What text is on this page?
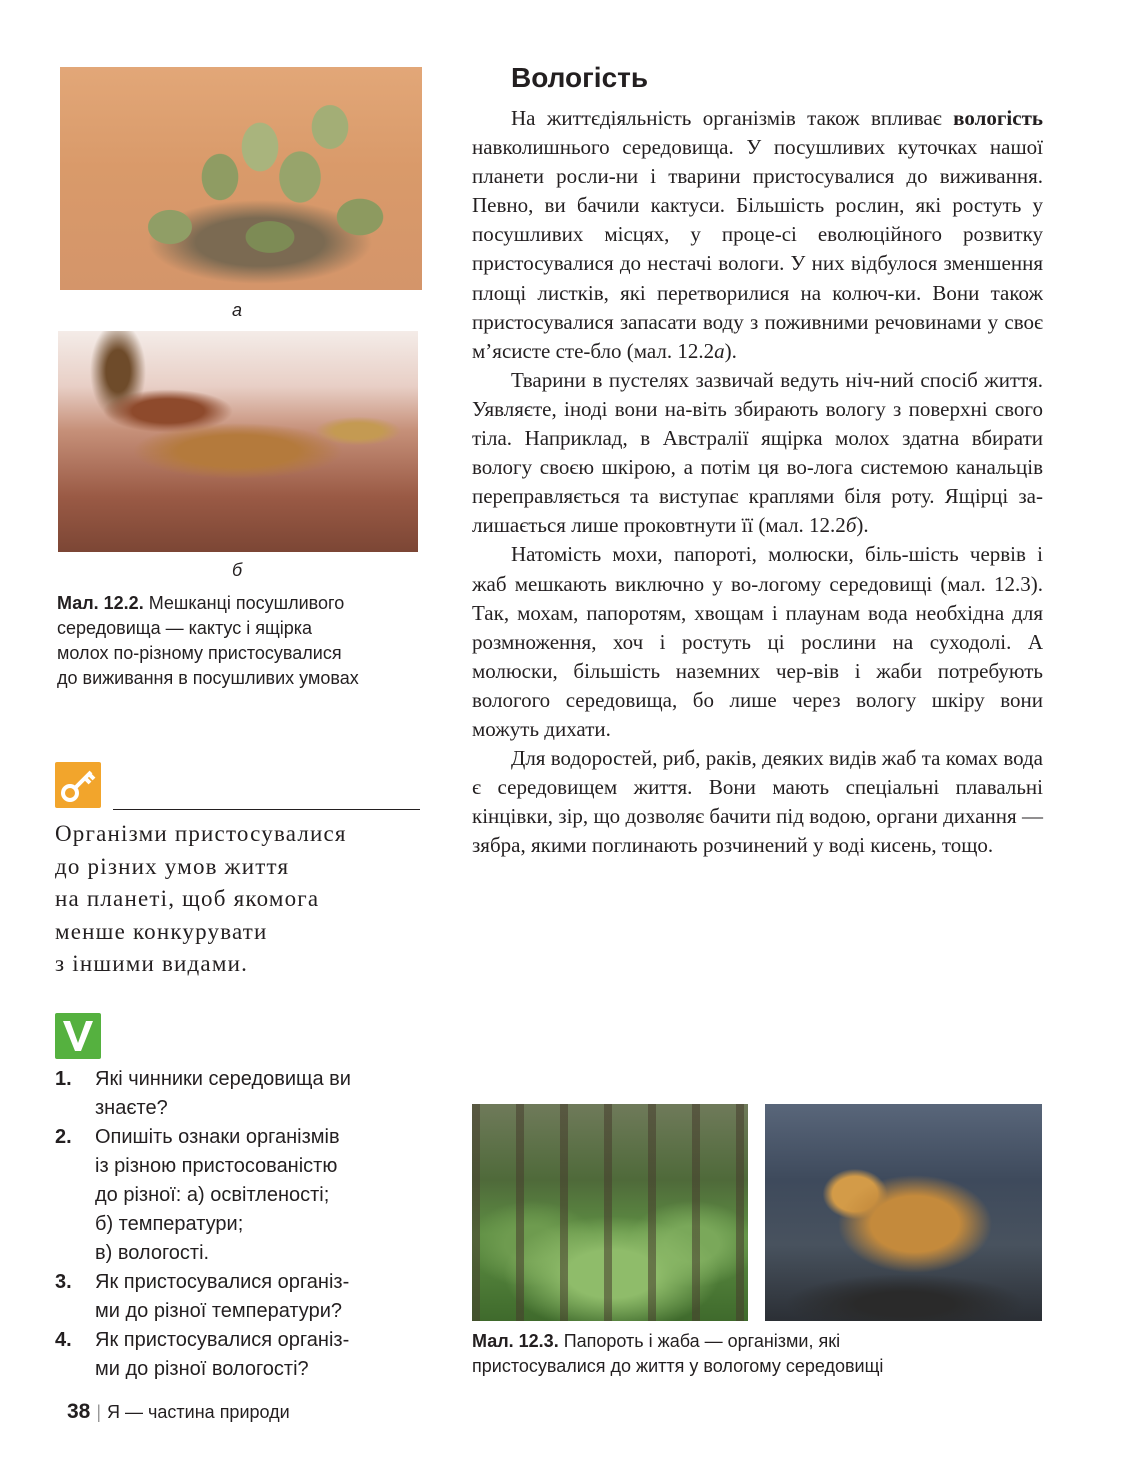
а
б
Мал. 12.2. Мешканці посушливого
середовища — кактус і ящірка
молох по-різному пристосувалися
до виживання в посушливих умовах
Організми пристосувалися
до різних умов життя
на планеті, щоб якомога
менше конкурувати
з іншими видами.
1. Які чинники середовища ви
знаєте?
2. Опишіть ознаки організмів
із різною пристосованістю
до різної: а) освітленості;
б) температури;
в) вологості.
3. Як пристосувалися організ-
ми до різної температури?
4. Як пристосувалися організ-
ми до різної вологості?
Вологість

На життєдіяльність організмів також впливає вологість навколишнього середовища. У посушливих куточках нашої планети росли-ни і тварини пристосувалися до виживання. Певно, ви бачили кактуси. Більшість рослин, які ростуть у посушливих місцях, у проце-сі еволюційного розвитку пристосувалися до нестачі вологи. У них відбулося зменшення площі листків, які перетворилися на колюч-ки. Вони також пристосувалися запасати воду з поживними речовинами у своє м’ясисте сте-бло (мал. 12.2а).

Тварини в пустелях зазвичай ведуть ніч-ний спосіб життя. Уявляєте, іноді вони на-віть збирають вологу з поверхні свого тіла. Наприклад, в Австралії ящірка молох здатна вбирати вологу своєю шкірою, а потім ця во-лога системою канальців переправляється та виступає краплями біля роту. Ящірці за-лишається лише проковтнути її (мал. 12.2б).

Натомість мохи, папороті, молюски, біль-шість червів і жаб мешкають виключно у во-логому середовищі (мал. 12.3). Так, мохам, папоротям, хвощам і плаунам вода необхідна для розмноження, хоч і ростуть ці рослини на суходолі. А молюски, більшість наземних чер-вів і жаби потребують вологого середовища, бо лише через вологу шкіру вони можуть дихати.

Для водоростей, риб, раків, деяких видів жаб та комах вода є середовищем життя. Вони мають спеціальні плавальні кінцівки, зір, що дозволяє бачити під водою, органи дихання — зябра, якими поглинають розчинений у воді кисень, тощо.

Мал. 12.3. Папороть і жаба — організми, які
пристосувалися до життя у вологому середовищі
38 | Я — частина природи
